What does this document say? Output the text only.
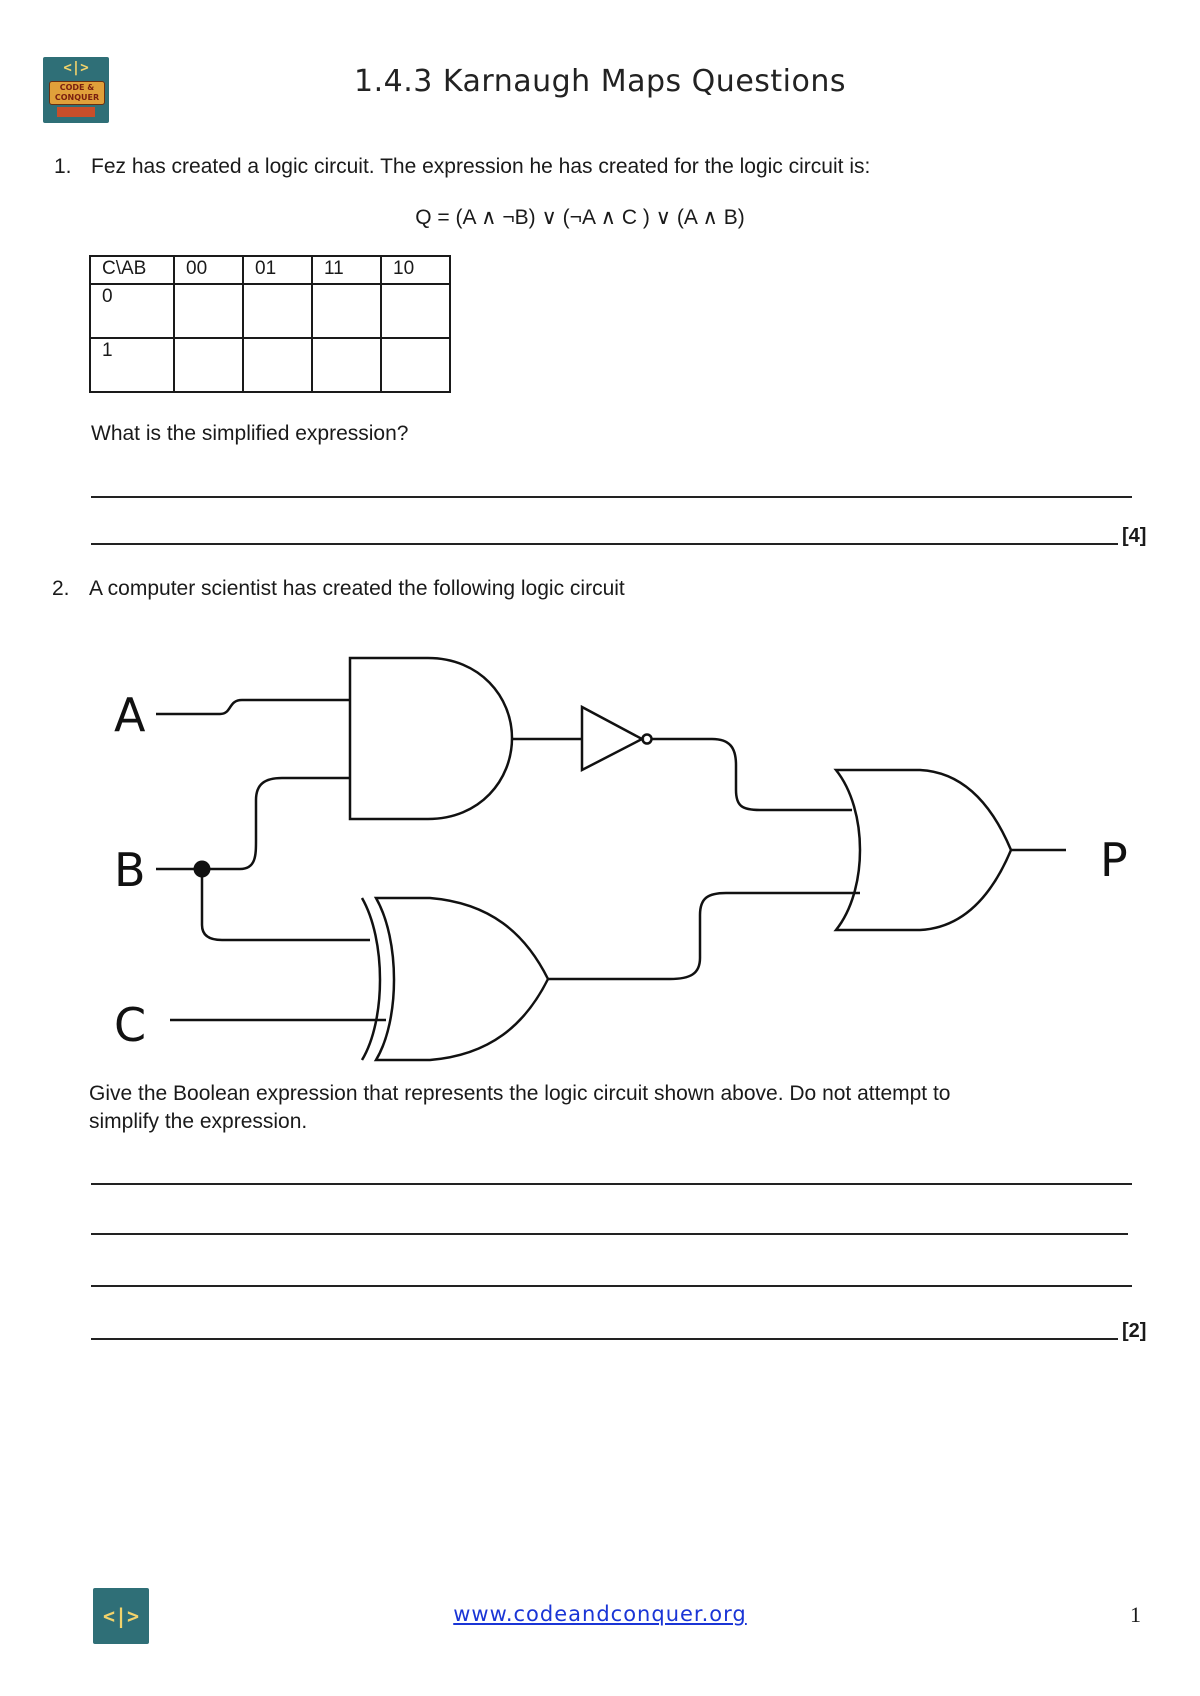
<|>
CODE &
CONQUER	1.4.3 Karnaugh Maps Questions
1. Fez has created a logic circuit. The expression he has created for the logic circuit is:
Q = (A ∧ ¬B) ∨ (¬A ∧ C ) ∨ (A ∧ B)
C\AB	00	01	11	10
0				
1				
What is the simplified expression?
[4]
2. A computer scientist has created the following logic circuit
A
B
C
P
Give the Boolean expression that represents the logic circuit shown above. Do not attempt to
simplify the expression.
[2]
<|>	www.codeandconquer.org	1
